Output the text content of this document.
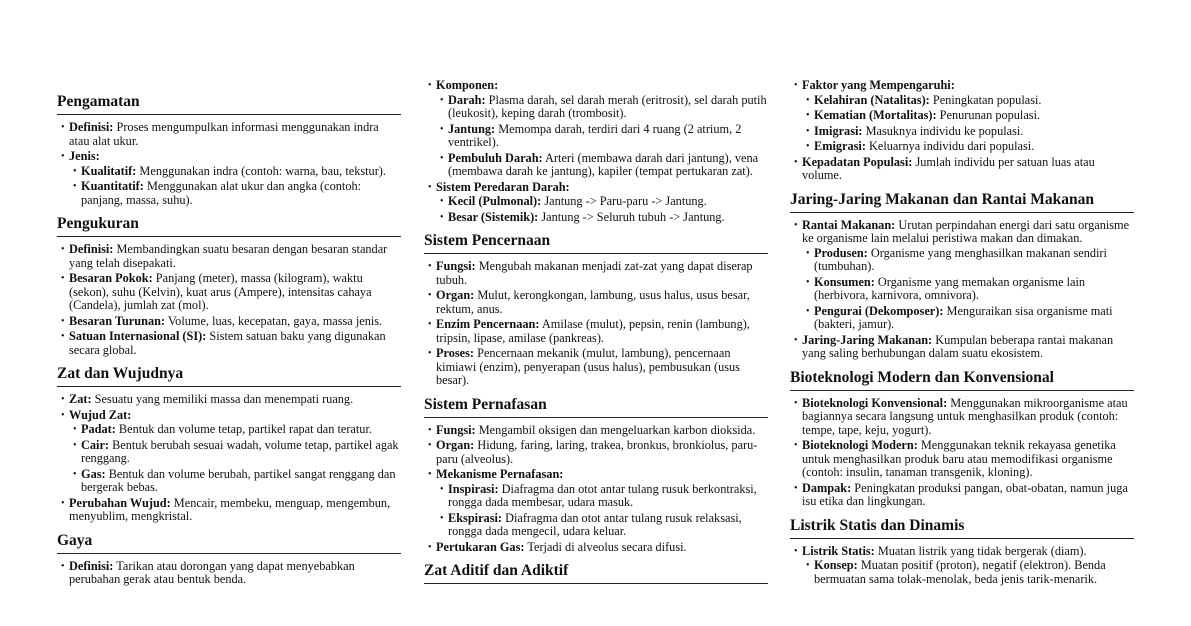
Pengamatan
• Definisi: Proses mengumpulkan informasi menggunakan indra atau alat ukur.
• Jenis:
• Kualitatif: Menggunakan indra (contoh: warna, bau, tekstur).
• Kuantitatif: Menggunakan alat ukur dan angka (contoh: panjang, massa, suhu).
Pengukuran
• Definisi: Membandingkan suatu besaran dengan besaran standar yang telah disepakati.
• Besaran Pokok: Panjang (meter), massa (kilogram), waktu (sekon), suhu (Kelvin), kuat arus (Ampere), intensitas cahaya (Candela), jumlah zat (mol).
• Besaran Turunan: Volume, luas, kecepatan, gaya, massa jenis.
• Satuan Internasional (SI): Sistem satuan baku yang digunakan secara global.
Zat dan Wujudnya
• Zat: Sesuatu yang memiliki massa dan menempati ruang.
• Wujud Zat:
• Padat: Bentuk dan volume tetap, partikel rapat dan teratur.
• Cair: Bentuk berubah sesuai wadah, volume tetap, partikel agak renggang.
• Gas: Bentuk dan volume berubah, partikel sangat renggang dan bergerak bebas.
• Perubahan Wujud: Mencair, membeku, menguap, mengembun, menyublim, mengkristal.
Gaya
• Definisi: Tarikan atau dorongan yang dapat menyebabkan perubahan gerak atau bentuk benda.
• Komponen:
• Darah: Plasma darah, sel darah merah (eritrosit), sel darah putih (leukosit), keping darah (trombosit).
• Jantung: Memompa darah, terdiri dari 4 ruang (2 atrium, 2 ventrikel).
• Pembuluh Darah: Arteri (membawa darah dari jantung), vena (membawa darah ke jantung), kapiler (tempat pertukaran zat).
• Sistem Peredaran Darah:
• Kecil (Pulmonal): Jantung -> Paru-paru -> Jantung.
• Besar (Sistemik): Jantung -> Seluruh tubuh -> Jantung.
Sistem Pencernaan
• Fungsi: Mengubah makanan menjadi zat-zat yang dapat diserap tubuh.
• Organ: Mulut, kerongkongan, lambung, usus halus, usus besar, rektum, anus.
• Enzim Pencernaan: Amilase (mulut), pepsin, renin (lambung), tripsin, lipase, amilase (pankreas).
• Proses: Pencernaan mekanik (mulut, lambung), pencernaan kimiawi (enzim), penyerapan (usus halus), pembusukan (usus besar).
Sistem Pernafasan
• Fungsi: Mengambil oksigen dan mengeluarkan karbon dioksida.
• Organ: Hidung, faring, laring, trakea, bronkus, bronkiolus, paru-paru (alveolus).
• Mekanisme Pernafasan:
• Inspirasi: Diafragma dan otot antar tulang rusuk berkontraksi, rongga dada membesar, udara masuk.
• Ekspirasi: Diafragma dan otot antar tulang rusuk relaksasi, rongga dada mengecil, udara keluar.
• Pertukaran Gas: Terjadi di alveolus secara difusi.
Zat Aditif dan Adiktif
• Faktor yang Mempengaruhi:
• Kelahiran (Natalitas): Peningkatan populasi.
• Kematian (Mortalitas): Penurunan populasi.
• Imigrasi: Masuknya individu ke populasi.
• Emigrasi: Keluarnya individu dari populasi.
• Kepadatan Populasi: Jumlah individu per satuan luas atau volume.
Jaring-Jaring Makanan dan Rantai Makanan
• Rantai Makanan: Urutan perpindahan energi dari satu organisme ke organisme lain melalui peristiwa makan dan dimakan.
• Produsen: Organisme yang menghasilkan makanan sendiri (tumbuhan).
• Konsumen: Organisme yang memakan organisme lain (herbivora, karnivora, omnivora).
• Pengurai (Dekomposer): Menguraikan sisa organisme mati (bakteri, jamur).
• Jaring-Jaring Makanan: Kumpulan beberapa rantai makanan yang saling berhubungan dalam suatu ekosistem.
Bioteknologi Modern dan Konvensional
• Bioteknologi Konvensional: Menggunakan mikroorganisme atau bagiannya secara langsung untuk menghasilkan produk (contoh: tempe, tape, keju, yogurt).
• Bioteknologi Modern: Menggunakan teknik rekayasa genetika untuk menghasilkan produk baru atau memodifikasi organisme (contoh: insulin, tanaman transgenik, kloning).
• Dampak: Peningkatan produksi pangan, obat-obatan, namun juga isu etika dan lingkungan.
Listrik Statis dan Dinamis
• Listrik Statis: Muatan listrik yang tidak bergerak (diam).
• Konsep: Muatan positif (proton), negatif (elektron). Benda bermuatan sama tolak-menolak, beda jenis tarik-menarik.
